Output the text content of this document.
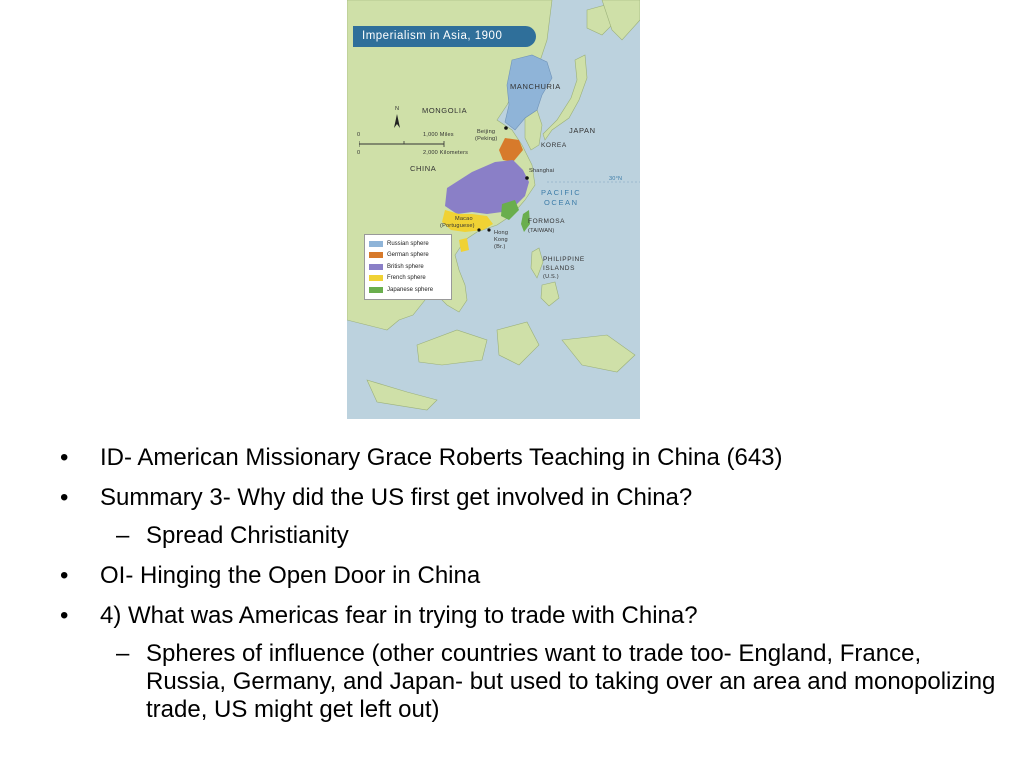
Imperialism in Asia, 1900
MANCHURIA
MONGOLIA
JAPAN
KOREA
CHINA
Beijing
(Peking)
Shanghai
PACIFIC
OCEAN
30°N
FORMOSA
(TAIWAN)
Macao
(Portuguese)
Hong
Kong
(Br.)
PHILIPPINE
ISLANDS
(U.S.)
0
0
1,000 Miles
2,000 Kilometers
N
Russian sphere
German sphere
British sphere
French sphere
Japanese sphere
• ID- American Missionary Grace Roberts Teaching in China (643)
• Summary 3- Why did the US first get involved in China?
– Spread Christianity
• OI- Hinging the Open Door in China
• 4) What was Americas fear in trying to trade with China?
– Spheres of influence (other countries want to trade too- England, France, Russia, Germany, and Japan- but used to taking over an area and monopolizing trade, US might get left out)
